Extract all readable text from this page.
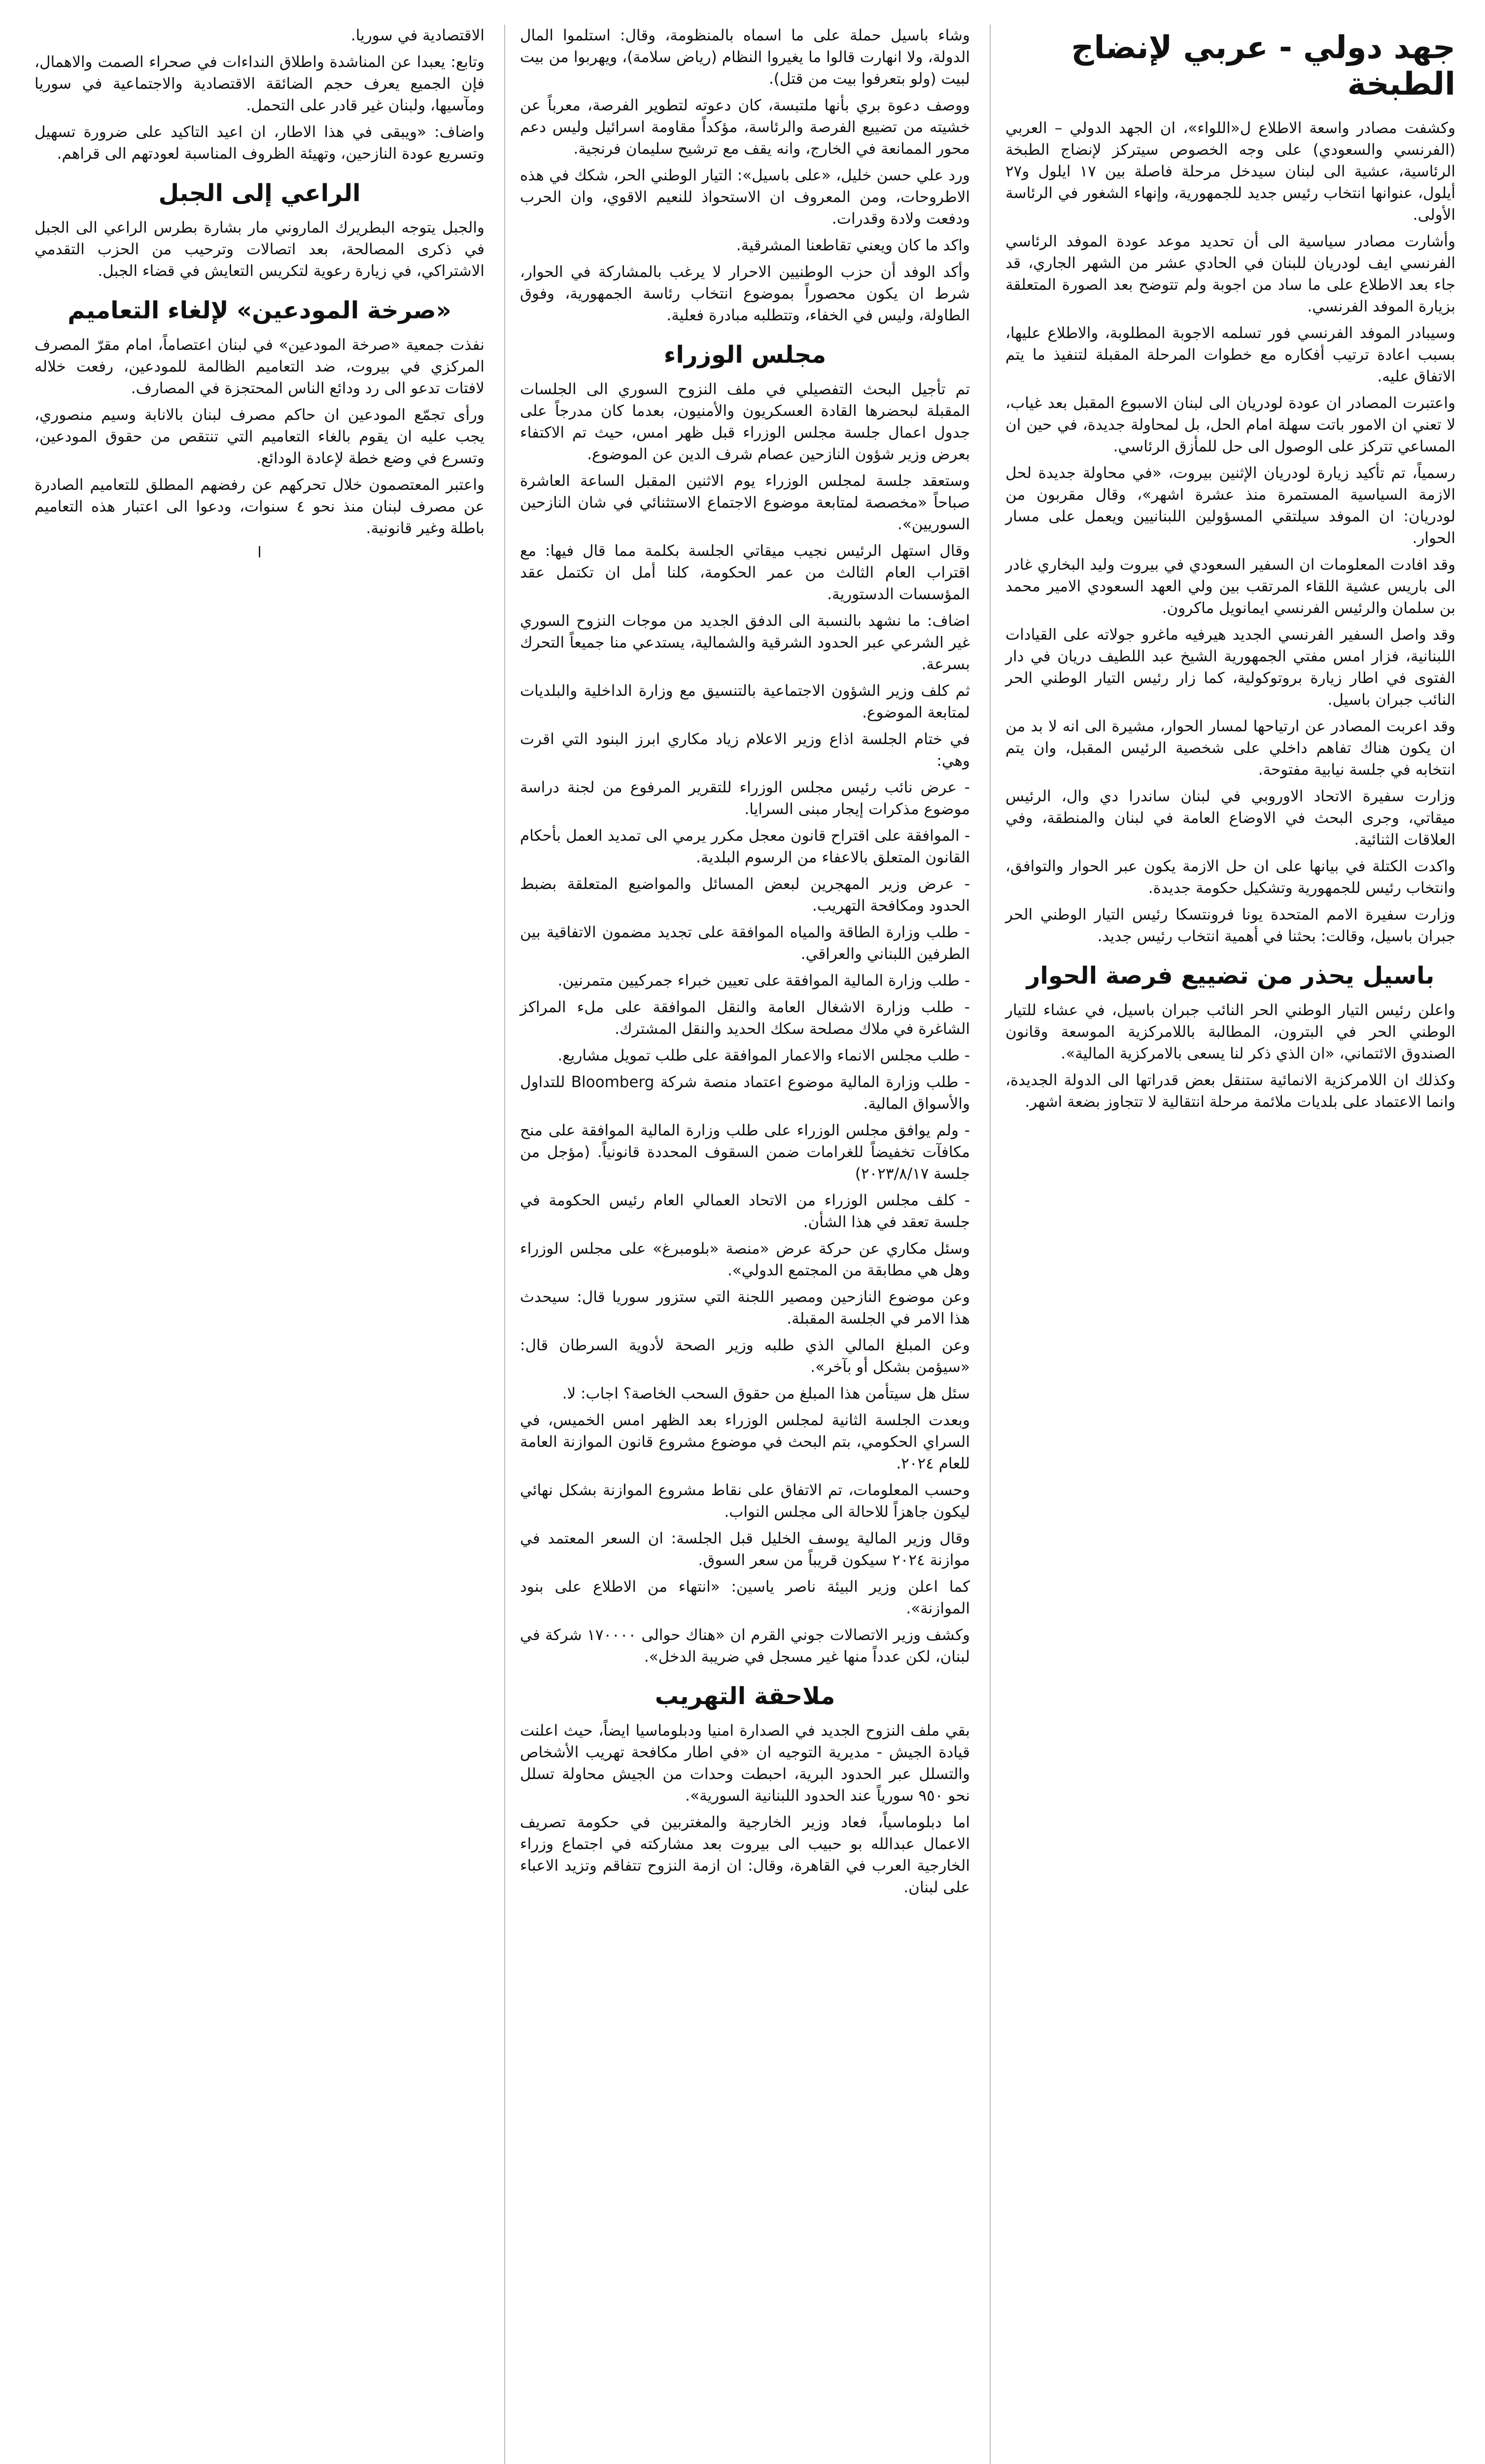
جهد دولي - عربي لإنضاج الطبخة

وكشفت مصادر واسعة الاطلاع ل«اللواء»، ان الجهد الدولي – العربي (الفرنسي والسعودي) على وجه الخصوص سيتركز لإنضاج الطبخة الرئاسية، عشية الى لبنان سيدخل مرحلة فاصلة بين ١٧ ايلول و٢٧ أيلول، عنوانها انتخاب رئيس جديد للجمهورية، وإنهاء الشغور في الرئاسة الأولى.

وأشارت مصادر سياسية الى أن تحديد موعد عودة الموفد الرئاسي الفرنسي ايف لودريان للبنان في الحادي عشر من الشهر الجاري، قد جاء بعد الاطلاع على ما ساد من اجوبة ولم تتوضح بعد الصورة المتعلقة بزيارة الموفد الفرنسي.

وسيبادر الموفد الفرنسي فور تسلمه الاجوبة المطلوبة، والاطلاع عليها، بسبب اعادة ترتيب أفكاره مع خطوات المرحلة المقبلة لتنفيذ ما يتم الاتفاق عليه.

واعتبرت المصادر ان عودة لودريان الى لبنان الاسبوع المقبل بعد غياب، لا تعني ان الامور باتت سهلة امام الحل، بل لمحاولة جديدة، في حين ان المساعي تتركز على الوصول الى حل للمأزق الرئاسي.

رسمياً، تم تأكيد زيارة لودريان الإثنين بيروت، «في محاولة جديدة لحل الازمة السياسية المستمرة منذ عشرة اشهر»، وقال مقربون من لودريان: ان الموفد سيلتقي المسؤولين اللبنانيين ويعمل على مسار الحوار.

وقد افادت المعلومات ان السفير السعودي في بيروت وليد البخاري غادر الى باريس عشية اللقاء المرتقب بين ولي العهد السعودي الامير محمد بن سلمان والرئيس الفرنسي ايمانويل ماكرون.

وقد واصل السفير الفرنسي الجديد هيرفيه ماغرو جولاته على القيادات اللبنانية، فزار امس مفتي الجمهورية الشيخ عبد اللطيف دريان في دار الفتوى في اطار زيارة بروتوكولية، كما زار رئيس التيار الوطني الحر النائب جبران باسيل.

وقد اعربت المصادر عن ارتياحها لمسار الحوار، مشيرة الى انه لا بد من ان يكون هناك تفاهم داخلي على شخصية الرئيس المقبل، وان يتم انتخابه في جلسة نيابية مفتوحة.

وزارت سفيرة الاتحاد الاوروبي في لبنان ساندرا دي وال، الرئيس ميقاتي، وجرى البحث في الاوضاع العامة في لبنان والمنطقة، وفي العلاقات الثنائية.

واكدت الكتلة في بيانها على ان حل الازمة يكون عبر الحوار والتوافق، وانتخاب رئيس للجمهورية وتشكيل حكومة جديدة.

وزارت سفيرة الامم المتحدة يونا فرونتسكا رئيس التيار الوطني الحر جبران باسيل، وقالت: بحثنا في أهمية انتخاب رئيس جديد.

باسيل يحذر من تضييع فرصة الحوار

واعلن رئيس التيار الوطني الحر النائب جبران باسيل، في عشاء للتيار الوطني الحر في البترون، المطالبة باللامركزية الموسعة وقانون الصندوق الائتماني، «ان الذي ذكر لنا يسعى بالامركزية المالية».

وكذلك ان اللامركزية الانمائية ستنقل بعض قدراتها الى الدولة الجديدة، وانما الاعتماد على بلديات ملائمة مرحلة انتقالية لا تتجاوز بضعة اشهر.

وشاء باسيل حملة على ما اسماه بالمنظومة، وقال: استلموا المال الدولة، ولا انهارت قالوا ما يغيروا النظام (رياض سلامة)، ويهربوا من بيت لبيت (ولو بتعرفوا بيت من قتل).

ووصف دعوة بري بأنها ملتبسة، كان دعوته لتطوير الفرصة، معرباً عن خشيته من تضييع الفرصة والرئاسة، مؤكداً مقاومة اسرائيل وليس دعم محور الممانعة في الخارج، وانه يقف مع ترشيح سليمان فرنجية.

ورد علي حسن خليل، «على باسيل»: التيار الوطني الحر، شكك في هذه الاطروحات، ومن المعروف ان الاستحواذ للنعيم الاقوي، وان الحرب ودفعت ولادة وقدرات.

واكد ما كان ويعني تقاطعنا المشرقية.

وأكد الوفد أن حزب الوطنيين الاحرار لا يرغب بالمشاركة في الحوار، شرط ان يكون محصوراً بموضوع انتخاب رئاسة الجمهورية، وفوق الطاولة، وليس في الخفاء، وتتطلبه مبادرة فعلية.

مجلس الوزراء

تم تأجيل البحث التفصيلي في ملف النزوح السوري الى الجلسات المقبلة لبحضرها القادة العسكريون والأمنيون، بعدما كان مدرجاً على جدول اعمال جلسة مجلس الوزراء قبل ظهر امس، حيث تم الاكتفاء بعرض وزير شؤون النازحين عصام شرف الدين عن الموضوع.

وستعقد جلسة لمجلس الوزراء يوم الاثنين المقبل الساعة العاشرة صباحاً «مخصصة لمتابعة موضوع الاجتماع الاستثنائي في شان النازحين السوريين».

وقال استهل الرئيس نجيب ميقاتي الجلسة بكلمة مما قال فيها: مع اقتراب العام الثالث من عمر الحكومة، كلنا أمل ان تكتمل عقد المؤسسات الدستورية.

اضاف: ما نشهد بالنسبة الى الدفق الجديد من موجات النزوح السوري غير الشرعي عبر الحدود الشرقية والشمالية، يستدعي منا جميعاً التحرك بسرعة.

ثم كلف وزير الشؤون الاجتماعية بالتنسيق مع وزارة الداخلية والبلديات لمتابعة الموضوع.

في ختام الجلسة اذاع وزير الاعلام زياد مكاري ابرز البنود التي اقرت وهي:

- عرض نائب رئيس مجلس الوزراء للتقرير المرفوع من لجنة دراسة موضوع مذكرات إيجار مبنى السرايا.

- الموافقة على اقتراح قانون معجل مكرر يرمي الى تمديد العمل بأحكام القانون المتعلق بالاعفاء من الرسوم البلدية.

- عرض وزير المهجرين لبعض المسائل والمواضيع المتعلقة بضبط الحدود ومكافحة التهريب.

- طلب وزارة الطاقة والمياه الموافقة على تجديد مضمون الاتفاقية بين الطرفين اللبناني والعراقي.

- طلب وزارة المالية الموافقة على تعيين خبراء جمركيين متمرنين.

- طلب وزارة الاشغال العامة والنقل الموافقة على ملء المراكز الشاغرة في ملاك مصلحة سكك الحديد والنقل المشترك.

- طلب مجلس الانماء والاعمار الموافقة على طلب تمويل مشاريع.

- طلب وزارة المالية موضوع اعتماد منصة شركة Bloomberg للتداول والأسواق المالية.

- ولم يوافق مجلس الوزراء على طلب وزارة المالية الموافقة على منح مكافآت تخفيضاً للغرامات ضمن السقوف المحددة قانونياً. (مؤجل من جلسة ٢٠٢٣/٨/١٧)

- كلف مجلس الوزراء من الاتحاد العمالي العام رئيس الحكومة في جلسة تعقد في هذا الشأن.

وسئل مكاري عن حركة عرض «منصة «بلومبرغ» على مجلس الوزراء وهل هي مطابقة من المجتمع الدولي».

وعن موضوع النازحين ومصير اللجنة التي ستزور سوريا قال: سيحدث هذا الامر في الجلسة المقبلة.

وعن المبلغ المالي الذي طلبه وزير الصحة لأدوية السرطان قال: «سيؤمن بشكل أو بآخر».

سئل هل سيتأمن هذا المبلغ من حقوق السحب الخاصة؟ اجاب: لا.

وبعدت الجلسة الثانية لمجلس الوزراء بعد الظهر امس الخميس، في السراي الحكومي، بتم البحث في موضوع مشروع قانون الموازنة العامة للعام ٢٠٢٤.

وحسب المعلومات، تم الاتفاق على نقاط مشروع الموازنة بشكل نهائي ليكون جاهزاً للاحالة الى مجلس النواب.

وقال وزير المالية يوسف الخليل قبل الجلسة: ان السعر المعتمد في موازنة ٢٠٢٤ سيكون قريباً من سعر السوق.

كما اعلن وزير البيئة ناصر ياسين: «انتهاء من الاطلاع على بنود الموازنة».

وكشف وزير الاتصالات جوني القرم ان «هناك حوالى ١٧٠٠٠٠ شركة في لبنان، لكن عدداً منها غير مسجل في ضريبة الدخل».

ملاحقة التهريب

بقي ملف النزوح الجديد في الصدارة امنيا ودبلوماسيا ايضاً، حيث اعلنت قيادة الجيش - مديرية التوجيه ان «في اطار مكافحة تهريب الأشخاص والتسلل عبر الحدود البرية، احبطت وحدات من الجيش محاولة تسلل نحو ٩٥٠ سورياً عند الحدود اللبنانية السورية».

اما دبلوماسياً، فعاد وزير الخارجية والمغتربين في حكومة تصريف الاعمال عبدالله بو حبيب الى بيروت بعد مشاركته في اجتماع وزراء الخارجية العرب في القاهرة، وقال: ان ازمة النزوح تتفاقم وتزيد الاعباء على لبنان.

الاقتصادية في سوريا.

وتابع: يعبدا عن المناشدة واطلاق النداءات في صحراء الصمت والاهمال، فإن الجميع يعرف حجم الضائقة الاقتصادية والاجتماعية في سوريا ومآسيها، ولبنان غير قادر على التحمل.

واضاف: «ويبقى في هذا الاطار، ان اعيد التاكيد على ضرورة تسهيل وتسريع عودة النازحين، وتهيئة الظروف المناسبة لعودتهم الى قراهم.

الراعي إلى الجبل

والجبل يتوجه البطريرك الماروني مار بشارة بطرس الراعي الى الجبل في ذكرى المصالحة، بعد اتصالات وترحيب من الحزب التقدمي الاشتراكي، في زيارة رعوية لتكريس التعايش في قضاء الجبل.

«صرخة المودعين» لإلغاء التعاميم

نفذت جمعية «صرخة المودعين» في لبنان اعتصاماً، امام مقرّ المصرف المركزي في بيروت، ضد التعاميم الظالمة للمودعين، رفعت خلاله لافتات تدعو الى رد ودائع الناس المحتجزة في المصارف.

ورأى تجمّع المودعين ان حاكم مصرف لبنان بالانابة وسيم منصوري، يجب عليه ان يقوم بالغاء التعاميم التي تنتقص من حقوق المودعين، وتسرع في وضع خطة لإعادة الودائع.

واعتبر المعتصمون خلال تحركهم عن رفضهم المطلق للتعاميم الصادرة عن مصرف لبنان منذ نحو ٤ سنوات، ودعوا الى اعتبار هذه التعاميم باطلة وغير قانونية.

ا
